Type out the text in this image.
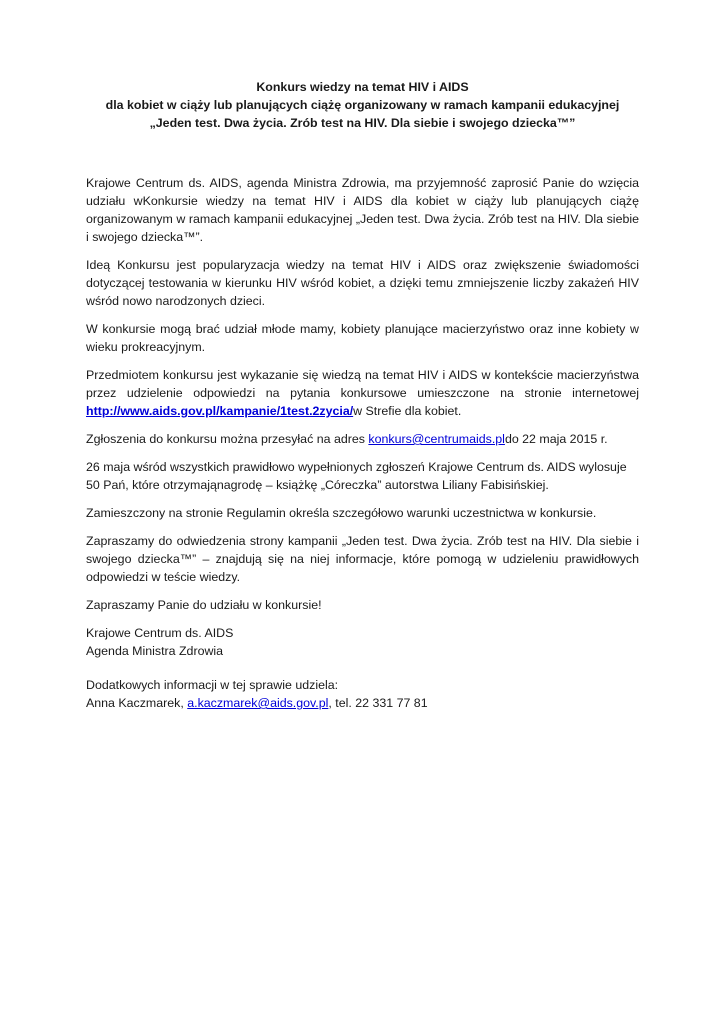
Konkurs wiedzy na temat HIV i AIDS
dla kobiet w ciąży lub planujących ciążę organizowany w ramach kampanii edukacyjnej
„Jeden test. Dwa życia. Zrób test na HIV. Dla siebie i swojego dziecka™”

Krajowe Centrum ds. AIDS, agenda Ministra Zdrowia, ma przyjemność zaprosić Panie do wzięcia udziału wKonkursie wiedzy na temat HIV i AIDS dla kobiet w ciąży lub planujących ciążę organizowanym w ramach kampanii edukacyjnej „Jeden test. Dwa życia. Zrób test na HIV. Dla siebie i swojego dziecka™”.

Ideą Konkursu jest popularyzacja wiedzy na temat HIV i AIDS oraz zwiększenie świadomości dotyczącej testowania w kierunku HIV wśród kobiet, a dzięki temu zmniejszenie liczby zakażeń HIV wśród nowo narodzonych dzieci.

W konkursie mogą brać udział młode mamy, kobiety planujące macierzyństwo oraz inne kobiety w wieku prokreacyjnym.

Przedmiotem konkursu jest wykazanie się wiedzą na temat HIV i AIDS w kontekście macierzyństwa przez udzielenie odpowiedzi na pytania konkursowe umieszczone na stronie internetowej http://www.aids.gov.pl/kampanie/1test.2zycia/w Strefie dla kobiet.

Zgłoszenia do konkursu można przesyłać na adres konkurs@centrumaids.pldo 22 maja 2015 r.

26 maja wśród wszystkich prawidłowo wypełnionych zgłoszeń Krajowe Centrum ds. AIDS wylosuje
50 Pań, które otrzymająnagrodę – książkę „Córeczka” autorstwa Liliany Fabisińskiej.

Zamieszczony na stronie Regulamin określa szczegółowo warunki uczestnictwa w konkursie.

Zapraszamy do odwiedzenia strony kampanii „Jeden test. Dwa życia. Zrób test na HIV. Dla siebie i swojego dziecka™” – znajdują się na niej informacje, które pomogą w udzieleniu prawidłowych odpowiedzi w teście wiedzy.

Zapraszamy Panie do udziału w konkursie!

Krajowe Centrum ds. AIDS
Agenda Ministra Zdrowia

Dodatkowych informacji w tej sprawie udziela:
Anna Kaczmarek, a.kaczmarek@aids.gov.pl, tel. 22 331 77 81
